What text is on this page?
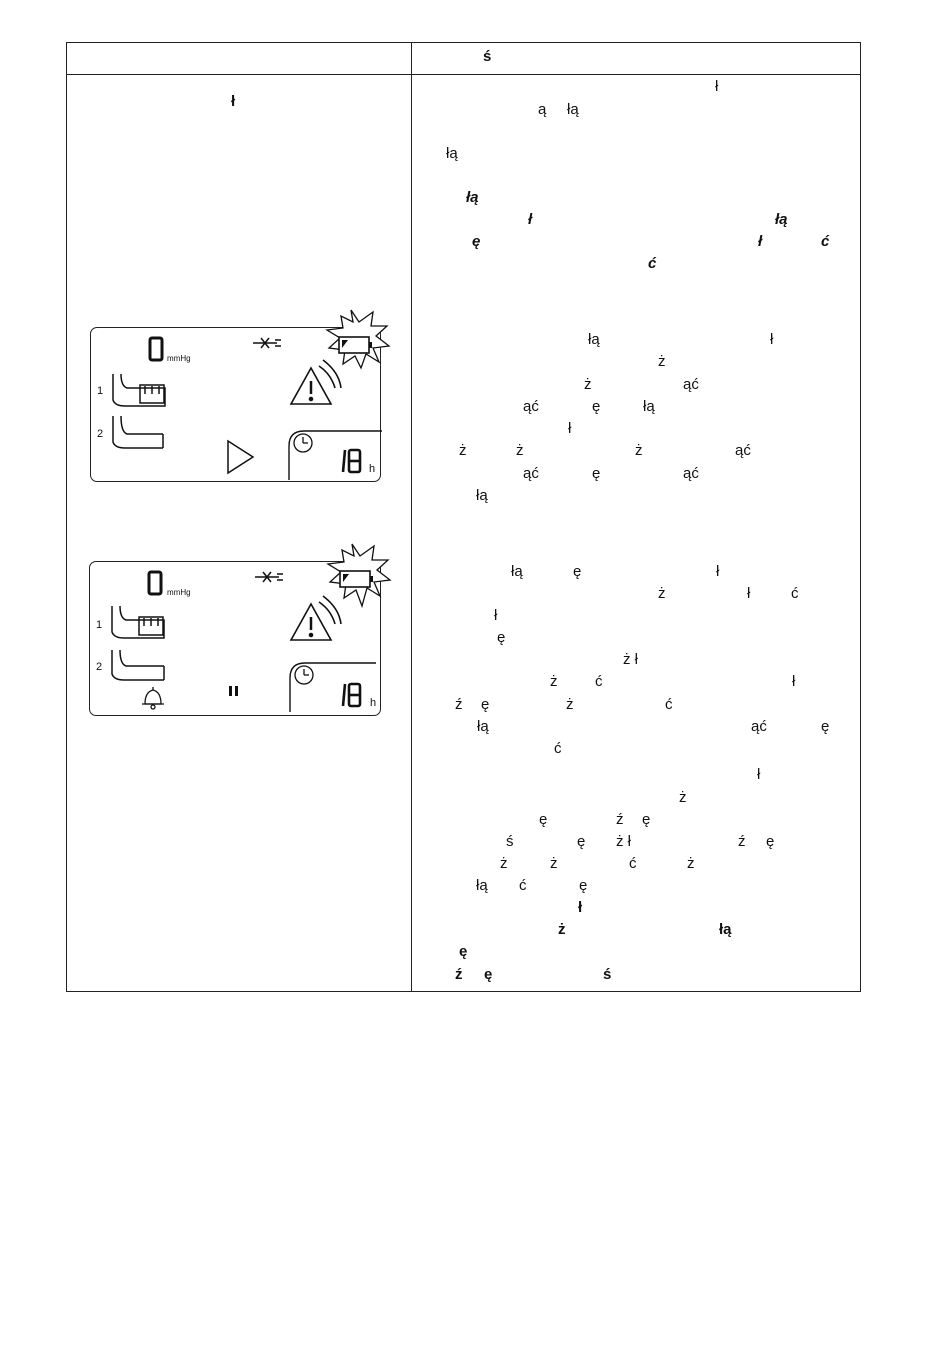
ś
ł
mmHg
1
2
h
mmHg
1
2
h
ł
ą łą
łą
łą
ł	łą
ę	ł	ć
ć
łą	ł
ż
ż	ąć
ąć	ę	łą
ł
ż	ż	ż	ąć
ąć	ę	ąć
łą
łą	ę	ł
ż	ł	ć
ł
ę
ż ł
ż	ć	ł
ź ę	ż	ć
łą	ąć	ę
ć
ł
ż
ę	ź ę
ś	ę ż ł	ź ę
ż	ż	ć	ż
łą ć	ę
ł
ż	łą
ę
ź ę	ś
